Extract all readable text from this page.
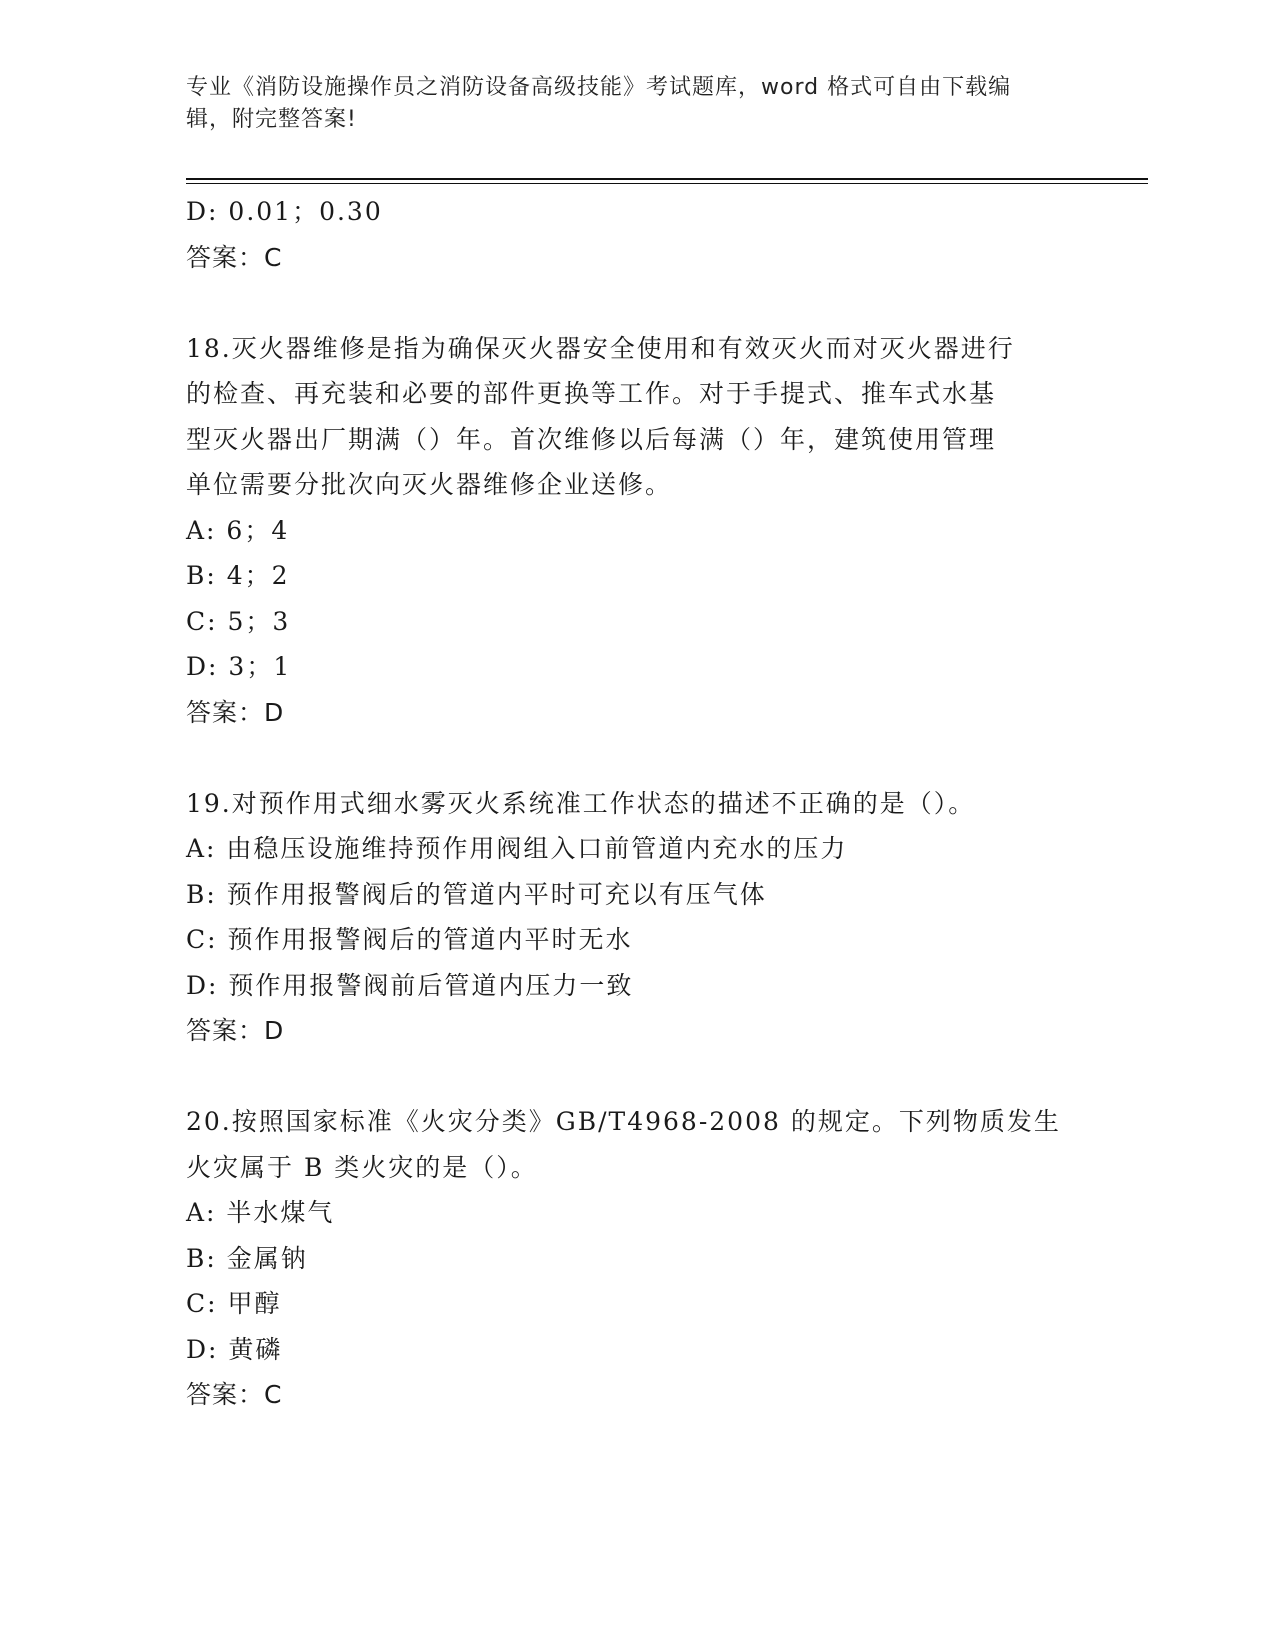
专业《消防设施操作员之消防设备高级技能》考试题库，word 格式可自由下载编
辑，附完整答案!
D: 0.01；0.30
答案：C
18.灭火器维修是指为确保灭火器安全使用和有效灭火而对灭火器进行
的检查、再充装和必要的部件更换等工作。对于手提式、推车式水基
型灭火器出厂期满（）年。首次维修以后每满（）年，建筑使用管理
单位需要分批次向灭火器维修企业送修。
A: 6；4
B: 4；2
C: 5；3
D: 3；1
答案：D
19.对预作用式细水雾灭火系统准工作状态的描述不正确的是（）。
A: 由稳压设施维持预作用阀组入口前管道内充水的压力
B: 预作用报警阀后的管道内平时可充以有压气体
C: 预作用报警阀后的管道内平时无水
D: 预作用报警阀前后管道内压力一致
答案：D
20.按照国家标准《火灾分类》GB/T4968-2008 的规定。下列物质发生
火灾属于 B 类火灾的是（）。
A: 半水煤气
B: 金属钠
C: 甲醇
D: 黄磷
答案：C
